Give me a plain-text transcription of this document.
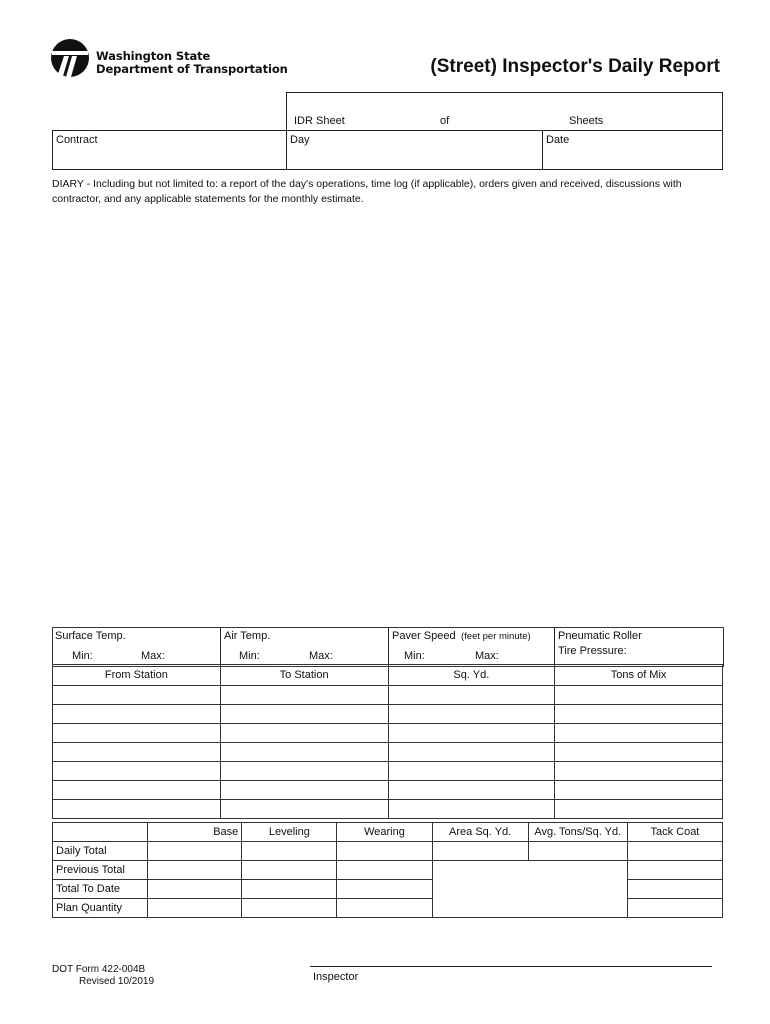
Washington State
Department of Transportation	(Street) Inspector's Daily Report
IDR Sheet	of	Sheets
Contract	Day	Date
DIARY - Including but not limited to: a report of the day's operations, time log (if applicable), orders given and received, discussions with contractor, and any applicable statements for the monthly estimate.
Surface Temp.
Min:	Max:
Air Temp.
Min:	Max:
Paver Speed (feet per minute)
Min:	Max:
Pneumatic Roller
Tire Pressure:
From Station	To Station	Sq. Yd.	Tons of Mix

	Base	Leveling	Wearing	Area Sq. Yd.	Avg. Tons/Sq. Yd.	Tack Coat
Daily Total						
Previous Total						
Total To Date						
Plan Quantity						
DOT Form 422-004B
Revised 10/2019	Inspector
